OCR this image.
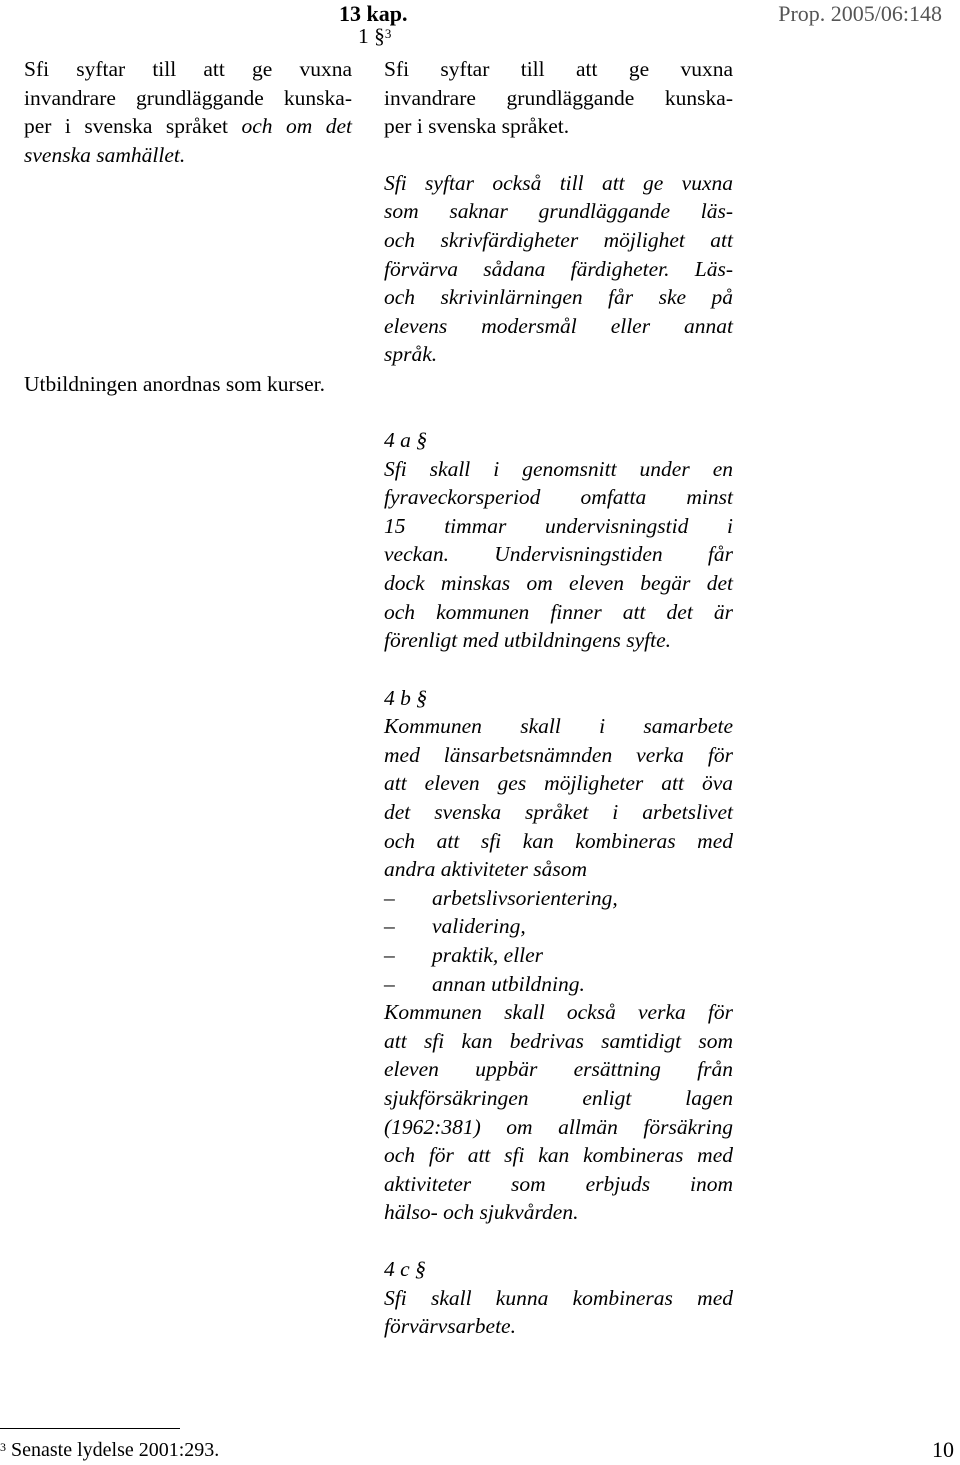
13 kap.	Prop. 2005/06:148
1 §$^3$
Sfi syftar till att ge vuxna
invandrare grundläggande kunska-
per i svenska språket och om det
svenska samhället.
Utbildningen anordnas som kurser.
Sfi syftar till att ge vuxna
invandrare grundläggande kunska-
per i svenska språket.
Sfi syftar också till att ge vuxna
som saknar grundläggande läs-
och skrivfärdigheter möjlighet att
förvärva sådana färdigheter. Läs-
och skrivinlärningen får ske på
elevens modersmål eller annat
språk.
4 a §
Sfi skall i genomsnitt under en
fyraveckorsperiod omfatta minst
15 timmar undervisningstid i
veckan. Undervisningstiden får
dock minskas om eleven begär det
och kommunen finner att det är
förenligt med utbildningens syfte.
4 b §
Kommunen skall i samarbete
med länsarbetsnämnden verka för
att eleven ges möjligheter att öva
det svenska språket i arbetslivet
och att sfi kan kombineras med
andra aktiviteter såsom
– arbetslivsorientering,
– validering,
– praktik, eller
– annan utbildning.
Kommunen skall också verka för
att sfi kan bedrivas samtidigt som
eleven uppbär ersättning från
sjukförsäkringen enligt lagen
(1962:381) om allmän försäkring
och för att sfi kan kombineras med
aktiviteter som erbjuds inom
hälso- och sjukvården.
4 c §
Sfi skall kunna kombineras med
förvärvsarbete.
$^3$ Senaste lydelse 2001:293.	10
